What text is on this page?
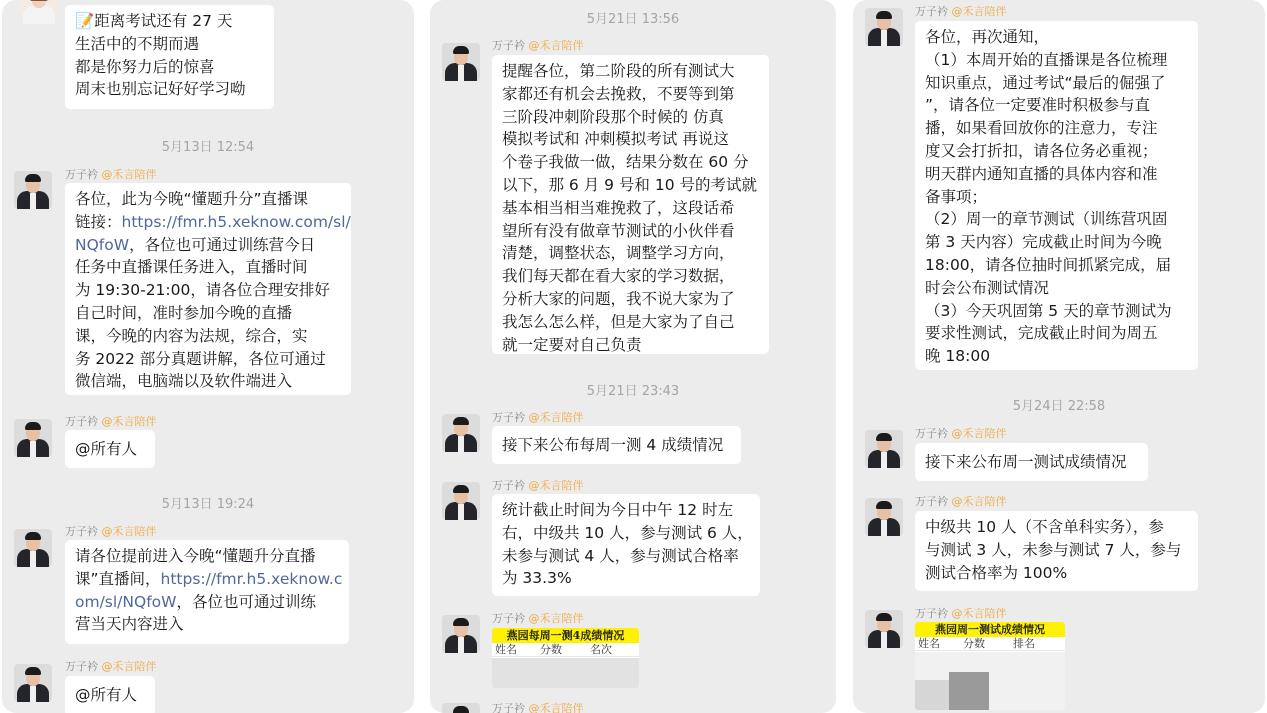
📝距离考试还有 27 天
生活中的不期而遇
都是你努力后的惊喜
周末也别忘记好好学习呦
5月13日 12:54
万子衿 @禾言陪伴
各位，此为今晚“懂题升分”直播课
链接：https://fmr.h5.xeknow.com/sl/
NQfoW，各位也可通过训练营今日
任务中直播课任务进入，直播时间
为 19:30-21:00，请各位合理安排好
自己时间，准时参加今晚的直播
课，今晚的内容为法规，综合，实
务 2022 部分真题讲解，各位可通过
微信端，电脑端以及软件端进入
万子衿 @禾言陪伴
@所有人
5月13日 19:24
万子衿 @禾言陪伴
请各位提前进入今晚“懂题升分直播
课”直播间，https://fmr.h5.xeknow.c
om/sl/NQfoW，各位也可通过训练
营当天内容进入
万子衿 @禾言陪伴
@所有人
5月21日 13:56
万子衿 @禾言陪伴
提醒各位，第二阶段的所有测试大
家都还有机会去挽救，不要等到第
三阶段冲刺阶段那个时候的 仿真
模拟考试和 冲刺模拟考试 再说这
个卷子我做一做，结果分数在 60 分
以下，那 6 月 9 号和 10 号的考试就
基本相当相当难挽救了，这段话希
望所有没有做章节测试的小伙伴看
清楚，调整状态，调整学习方向，
我们每天都在看大家的学习数据，
分析大家的问题，我不说大家为了
我怎么怎么样，但是大家为了自己
就一定要对自己负责
5月21日 23:43
万子衿 @禾言陪伴
接下来公布每周一测 4 成绩情况
万子衿 @禾言陪伴
统计截止时间为今日中午 12 时左
右，中级共 10 人，参与测试 6 人，
未参与测试 4 人，参与测试合格率
为 33.3%
万子衿 @禾言陪伴
燕园每周一测4成绩情况
姓名	分数	名次
万子衿 @禾言陪伴
万子衿 @禾言陪伴
各位，再次通知，
（1）本周开始的直播课是各位梳理
知识重点，通过考试“最后的倔强了
”，请各位一定要准时积极参与直
播，如果看回放你的注意力，专注
度又会打折扣，请各位务必重视；
明天群内通知直播的具体内容和准
备事项；
（2）周一的章节测试（训练营巩固
第 3 天内容）完成截止时间为今晚
18:00，请各位抽时间抓紧完成，届
时会公布测试情况
（3）今天巩固第 5 天的章节测试为
要求性测试，完成截止时间为周五
晚 18:00
5月24日 22:58
万子衿 @禾言陪伴
接下来公布周一测试成绩情况
万子衿 @禾言陪伴
中级共 10 人（不含单科实务），参
与测试 3 人，未参与测试 7 人，参与
测试合格率为 100%
万子衿 @禾言陪伴
燕园周一测试成绩情况
姓名	分数	排名
